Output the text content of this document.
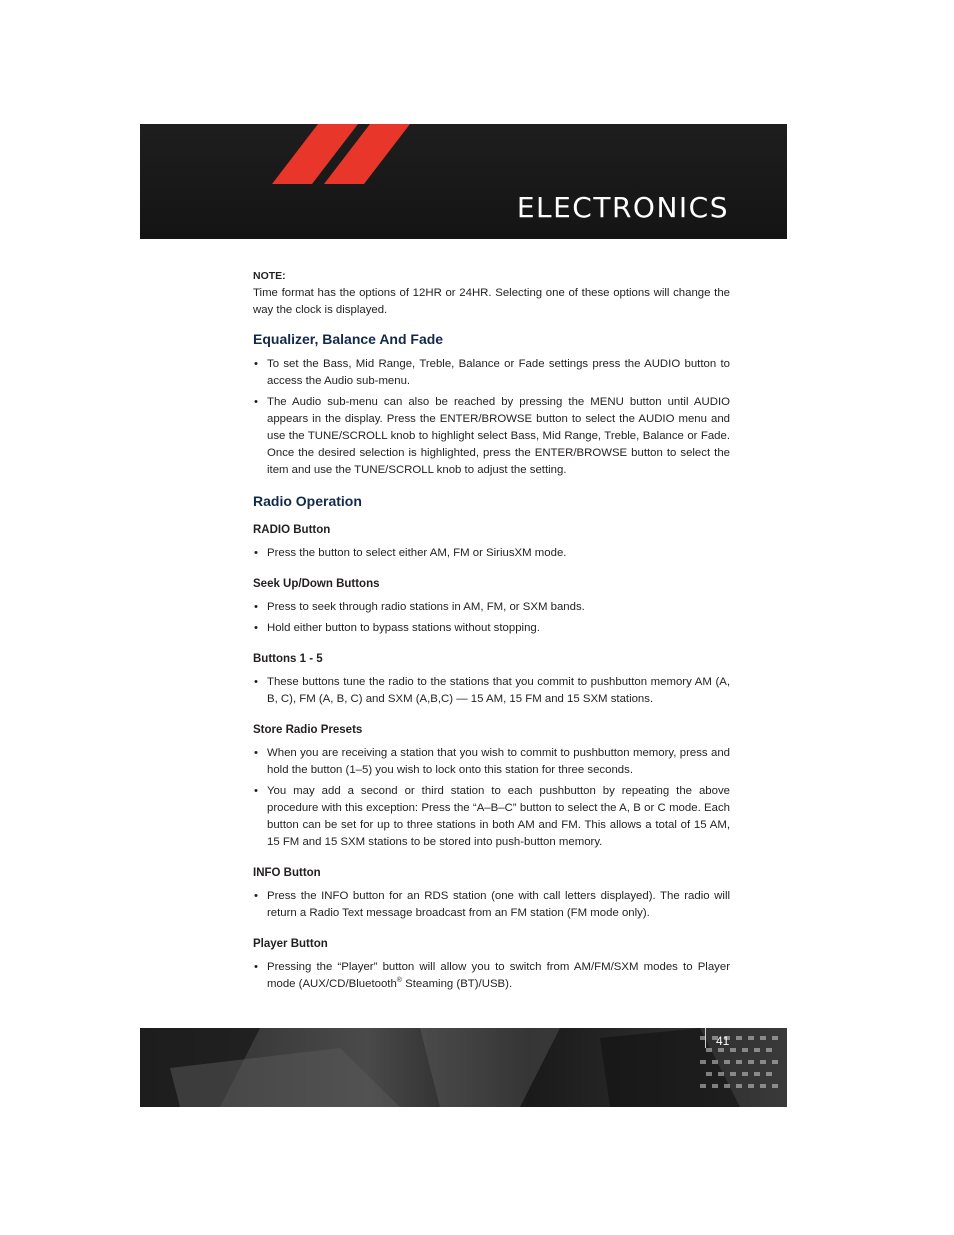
ELECTRONICS

NOTE:

Time format has the options of 12HR or 24HR. Selecting one of these options will change the way the clock is displayed.

Equalizer, Balance And Fade
• To set the Bass, Mid Range, Treble, Balance or Fade settings press the AUDIO button to access the Audio sub-menu.
• The Audio sub-menu can also be reached by pressing the MENU button until AUDIO appears in the display. Press the ENTER/BROWSE button to select the AUDIO menu and use the TUNE/SCROLL knob to highlight select Bass, Mid Range, Treble, Balance or Fade. Once the desired selection is highlighted, press the ENTER/BROWSE button to select the item and use the TUNE/SCROLL knob to adjust the setting.
Radio Operation
RADIO Button
• Press the button to select either AM, FM or SiriusXM mode.
Seek Up/Down Buttons
• Press to seek through radio stations in AM, FM, or SXM bands.
• Hold either button to bypass stations without stopping.
Buttons 1 - 5
• These buttons tune the radio to the stations that you commit to pushbutton memory AM (A, B, C), FM (A, B, C) and SXM (A,B,C) — 15 AM, 15 FM and 15 SXM stations.
Store Radio Presets
• When you are receiving a station that you wish to commit to pushbutton memory, press and hold the button (1–5) you wish to lock onto this station for three seconds.
• You may add a second or third station to each pushbutton by repeating the above procedure with this exception: Press the “A–B–C” button to select the A, B or C mode. Each button can be set for up to three stations in both AM and FM. This allows a total of 15 AM, 15 FM and 15 SXM stations to be stored into push-button memory.
INFO Button
• Press the INFO button for an RDS station (one with call letters displayed). The radio will return a Radio Text message broadcast from an FM station (FM mode only).
Player Button
• Pressing the “Player” button will allow you to switch from AM/FM/SXM modes to Player mode (AUX/CD/Bluetooth® Steaming (BT)/USB).
41
